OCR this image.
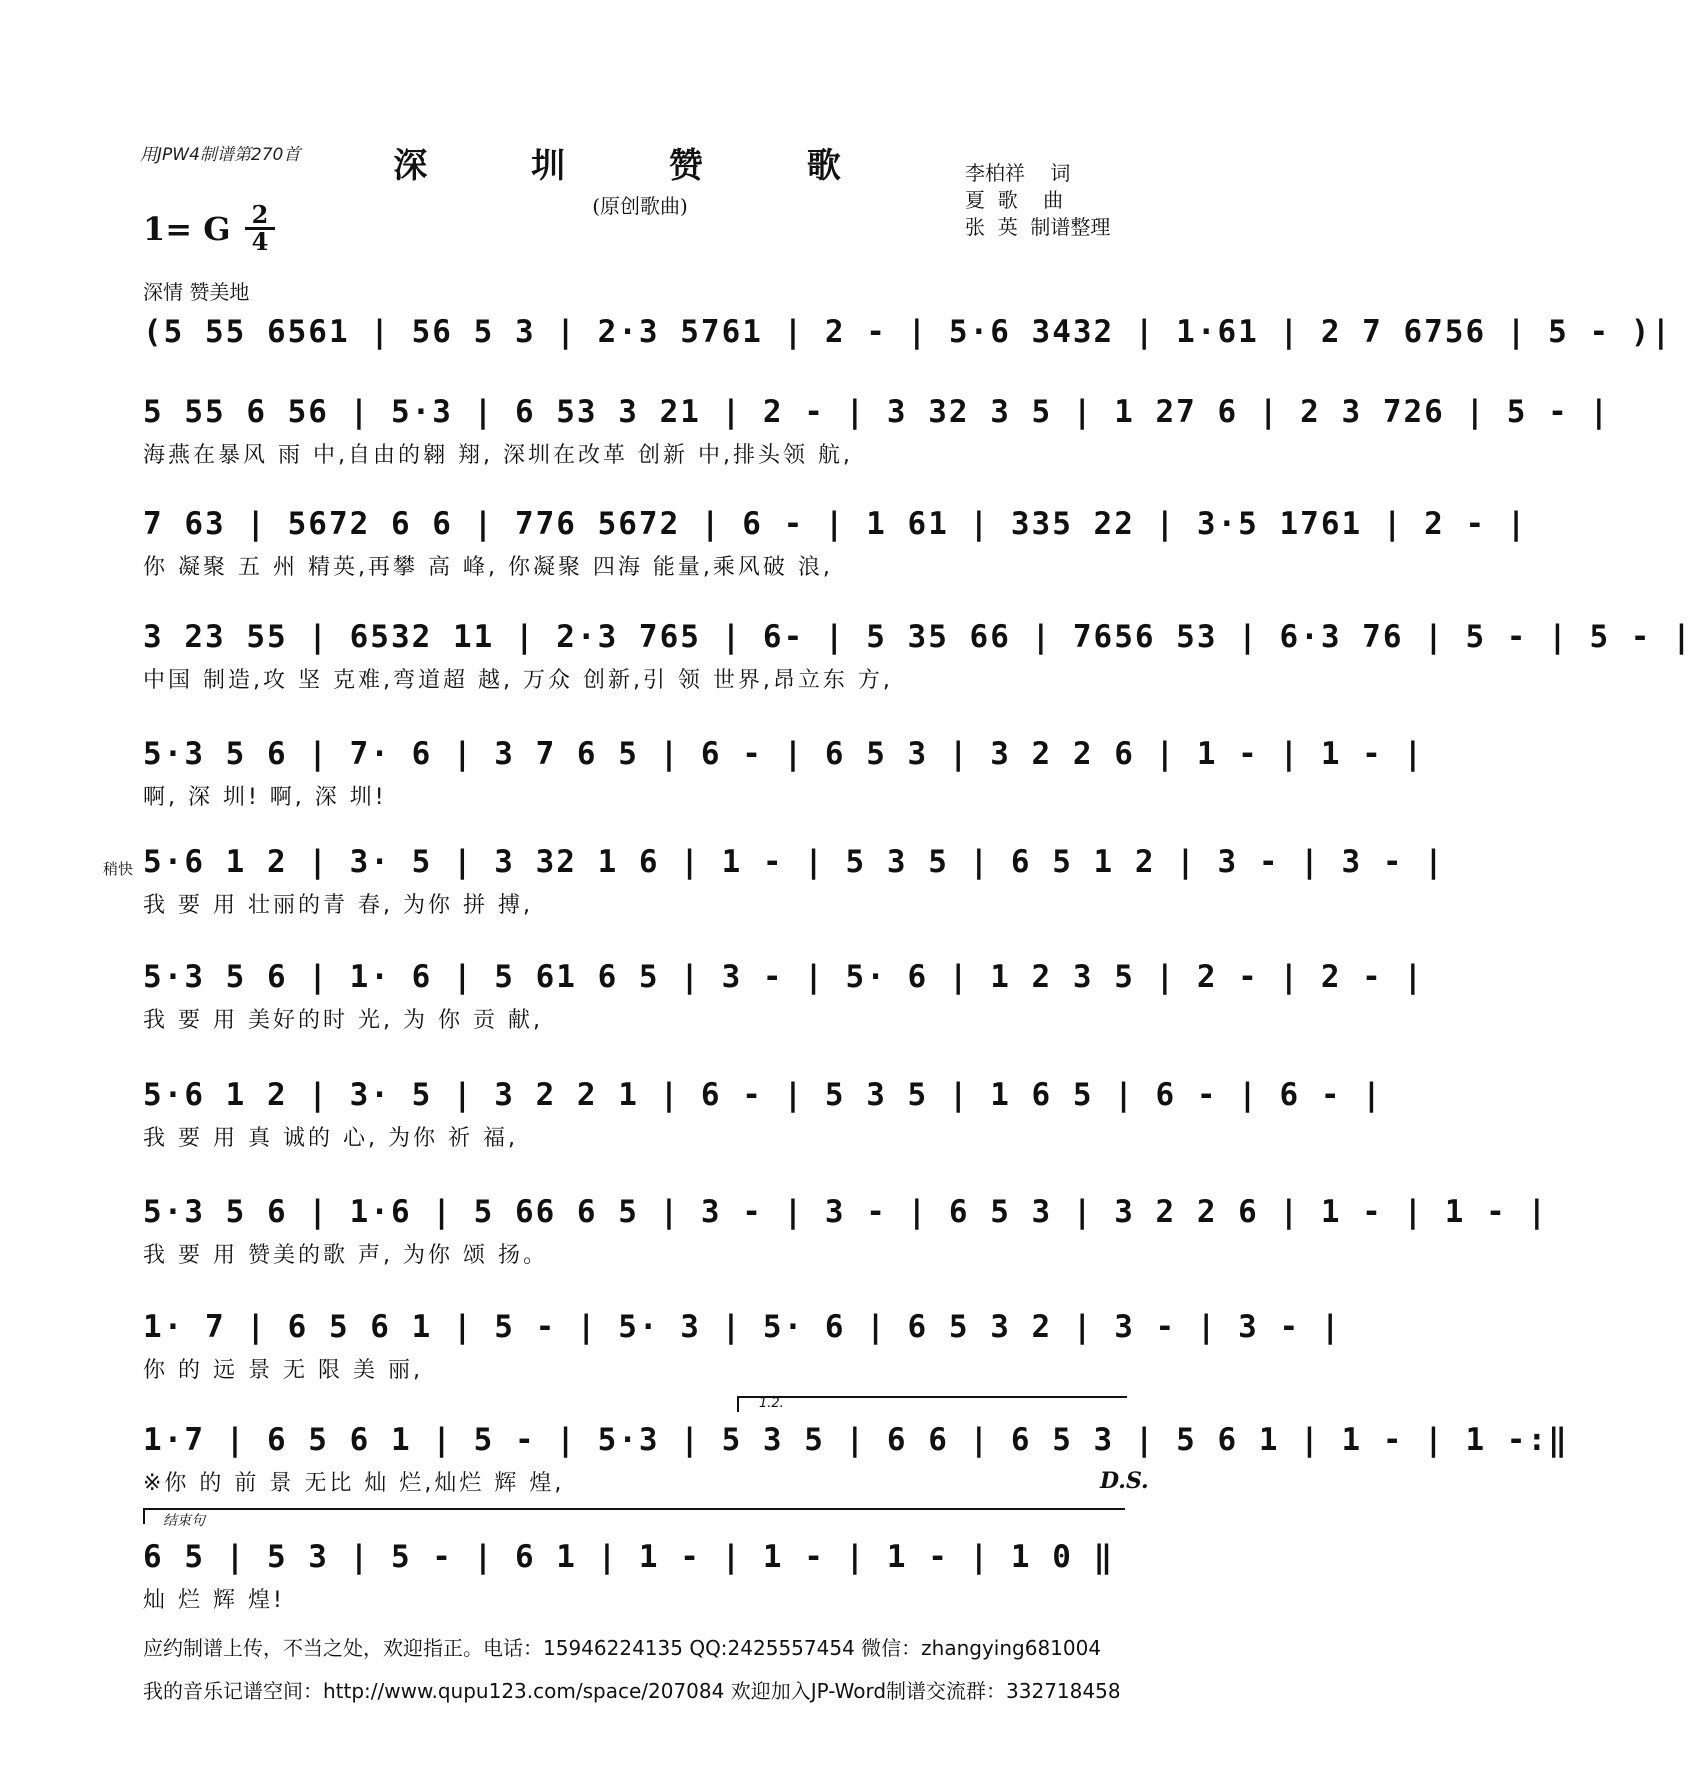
用JPW4制谱第270首	深 圳 赞 歌
(原创歌曲)
李柏祥    词
夏  歌    曲
张  英  制谱整理
1= G 2
4
深情 赞美地
稍快
(5 55 6561 | 56 5 3 | 2·3 5761 | 2 - | 5·6 3432 | 1·61 | 2 7 6756 | 5 - )|
5 55 6 56 | 5·3 | 6 53 3 21 | 2 - | 3 32 3 5 | 1 27 6 | 2 3 726 | 5 - |
海燕在暴风 雨 中,自由的翱 翔, 深圳在改革 创新 中,排头领 航,
7 63 | 5672 6 6 | 776 5672 | 6 - | 1 61 | 335 22 | 3·5 1761 | 2 - |
你 凝聚 五 州 精英,再攀 高 峰, 你凝聚 四海 能量,乘风破 浪,
3 23 55 | 6532 11 | 2·3 765 | 6- | 5 35 66 | 7656 53 | 6·3 76 | 5 - | 5 - |
中国 制造,攻 坚 克难,弯道超 越, 万众 创新,引 领 世界,昂立东 方,
5·3 5 6 | 7· 6 | 3 7 6 5 | 6 - | 6 5 3 | 3 2 2 6 | 1 - | 1 - |
啊, 深 圳! 啊, 深 圳!
5·6 1 2 | 3· 5 | 3 32 1 6 | 1 - | 5 3 5 | 6 5 1 2 | 3 - | 3 - |
我 要 用 壮丽的青 春, 为你 拼 搏,
5·3 5 6 | 1· 6 | 5 61 6 5 | 3 - | 5· 6 | 1 2 3 5 | 2 - | 2 - |
我 要 用 美好的时 光, 为 你 贡 献,
5·6 1 2 | 3· 5 | 3 2 2 1 | 6 - | 5 3 5 | 1 6 5 | 6 - | 6 - |
我 要 用 真 诚的 心, 为你 祈 福,
5·3 5 6 | 1·6 | 5 66 6 5 | 3 - | 3 - | 6 5 3 | 3 2 2 6 | 1 - | 1 - |
我 要 用 赞美的歌 声, 为你 颂 扬。
1· 7 | 6 5 6 1 | 5 - | 5· 3 | 5· 6 | 6 5 3 2 | 3 - | 3 - |
你 的 远 景 无 限 美 丽,
1.2.
1·7 | 6 5 6 1 | 5 - | 5·3 | 5 3 5 | 6 6 | 6 5 3 | 5 6 1 | 1 - | 1 -:‖
※你 的 前 景 无比 灿 烂,灿烂 辉 煌,	D.S.
结束句
6 5 | 5 3 | 5 - | 6 1 | 1 - | 1 - | 1 - | 1 0 ‖
灿 烂 辉 煌!
应约制谱上传，不当之处，欢迎指正。电话：15946224135 QQ:2425557454 微信：zhangying681004
我的音乐记谱空间：http://www.qupu123.com/space/207084 欢迎加入JP-Word制谱交流群：332718458
